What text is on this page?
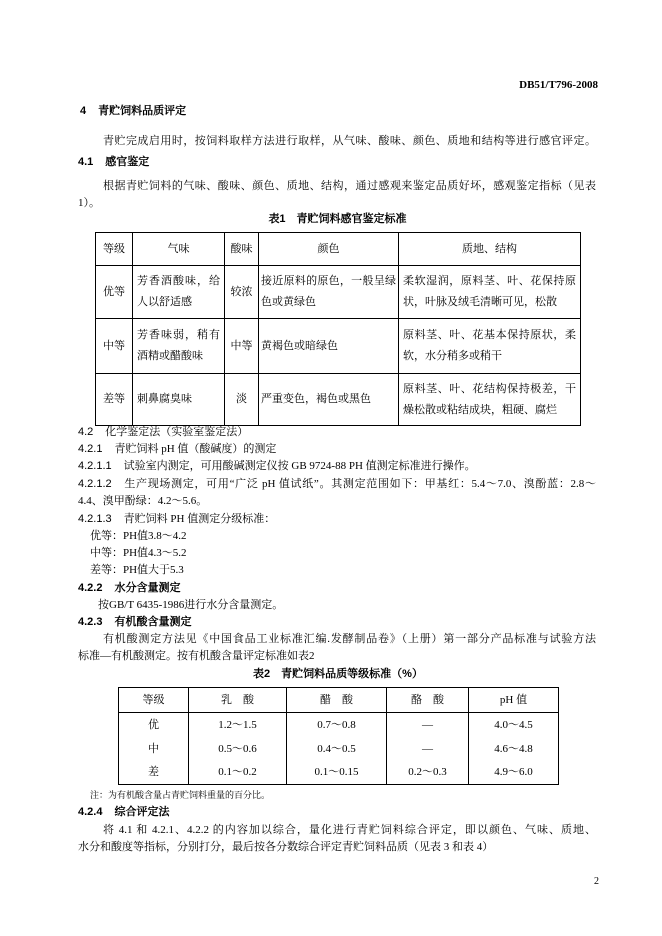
DB51/T796-2008
4 青贮饲料品质评定
青贮完成启用时，按饲料取样方法进行取样，从气味、酸味、颜色、质地和结构等进行感官评定。
4.1 感官鉴定
根据青贮饲料的气味、酸味、颜色、质地、结构，通过感观来鉴定品质好坏，感观鉴定指标（见表
1）。
表1　青贮饲料感官鉴定标准
等级	气味	酸味	颜色	质地、结构
优等	芳香酒酸味，给人以舒适感	较浓	接近原料的原色，一般呈绿色或黄绿色	柔软湿润，原料茎、叶、花保持原状，叶脉及绒毛清晰可见，松散
中等	芳香味弱，稍有酒精或醋酸味	中等	黄褐色或暗绿色	原料茎、叶、花基本保持原状，柔软，水分稍多或稍干
差等	刺鼻腐臭味	淡	严重变色，褐色或黑色	原料茎、叶、花结构保持极差，干燥松散或粘结成块，粗硬、腐烂
4.2 化学鉴定法（实验室鉴定法）
4.2.1 青贮饲料 pH 值（酸碱度）的测定
4.2.1.1 试验室内测定，可用酸碱测定仪按 GB 9724-88 PH 值测定标准进行操作。
4.2.1.2 生产现场测定，可用“广泛 pH 值试纸”。其测定范围如下：甲基红：5.4～7.0、溴酚蓝：2.8～
4.4、溴甲酚绿：4.2～5.6。
4.2.1.3 青贮饲料 PH 值测定分级标准：
优等：PH值3.8～4.2
中等：PH值4.3～5.2
差等：PH值大于5.3
4.2.2 水分含量测定
按GB/T 6435-1986进行水分含量测定。
4.2.3 有机酸含量测定
有机酸测定方法见《中国食品工业标准汇编.发酵制品卷》（上册）第一部分产品标准与试验方法
标准—有机酸测定。按有机酸含量评定标准如表2
表2　青贮饲料品质等级标准（%）
等级	乳　酸	醋　酸	酪　酸	pH 值
优	1.2～1.5	0.7～0.8	—	4.0～4.5
中	0.5～0.6	0.4～0.5	—	4.6～4.8
差	0.1～0.2	0.1～0.15	0.2～0.3	4.9～6.0
注：为有机酸含量占青贮饲料重量的百分比。
4.2.4 综合评定法
将 4.1 和 4.2.1、4.2.2 的内容加以综合，量化进行青贮饲料综合评定，即以颜色、气味、质地、
水分和酸度等指标，分别打分，最后按各分数综合评定青贮饲料品质（见表 3 和表 4）
2
